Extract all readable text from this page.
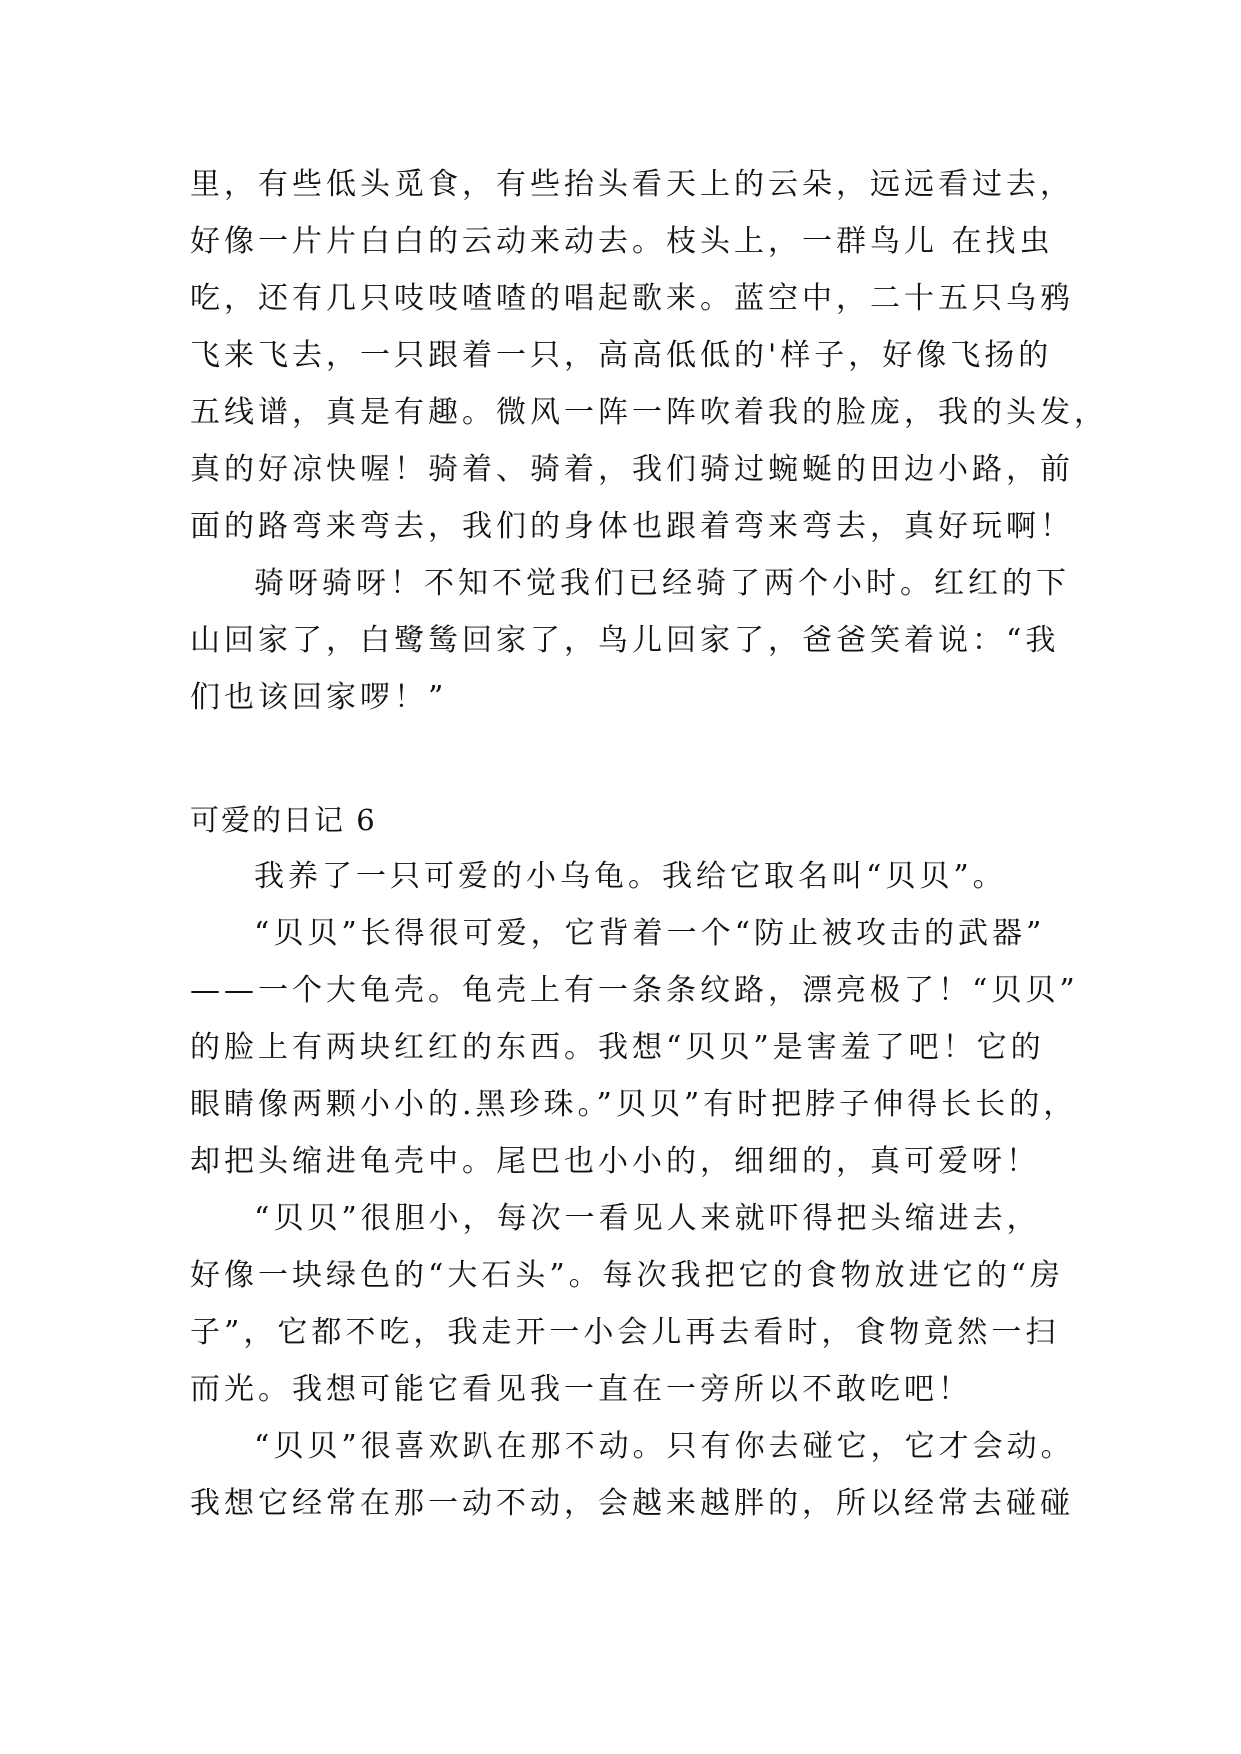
里，有些低头觅食，有些抬头看天上的云朵，远远看过去，
好像一片片白白的云动来动去。枝头上，一群鸟儿 在找虫
吃，还有几只吱吱喳喳的唱起歌来。蓝空中，二十五只乌鸦
飞来飞去，一只跟着一只，高高低低的'样子，好像飞扬的
五线谱，真是有趣。微风一阵一阵吹着我的脸庞，我的头发，
真的好凉快喔！骑着、骑着，我们骑过蜿蜒的田边小路，前
面的路弯来弯去，我们的身体也跟着弯来弯去，真好玩啊！
骑呀骑呀！不知不觉我们已经骑了两个小时。红红的下
山回家了，白鹭鸶回家了，鸟儿回家了，爸爸笑着说：“我
们也该回家啰！”
可爱的日记 6
我养了一只可爱的小乌龟。我给它取名叫“贝贝”。
“贝贝”长得很可爱，它背着一个“防止被攻击的武器”
——一个大龟壳。龟壳上有一条条纹路，漂亮极了！“贝贝”
的脸上有两块红红的东西。我想“贝贝”是害羞了吧！它的
眼睛像两颗小小的.黑珍珠。”贝贝”有时把脖子伸得长长的，
却把头缩进龟壳中。尾巴也小小的，细细的，真可爱呀！
“贝贝”很胆小，每次一看见人来就吓得把头缩进去，
好像一块绿色的“大石头”。每次我把它的食物放进它的“房
子”，它都不吃，我走开一小会儿再去看时，食物竟然一扫
而光。我想可能它看见我一直在一旁所以不敢吃吧！
“贝贝”很喜欢趴在那不动。只有你去碰它，它才会动。
我想它经常在那一动不动，会越来越胖的，所以经常去碰碰
